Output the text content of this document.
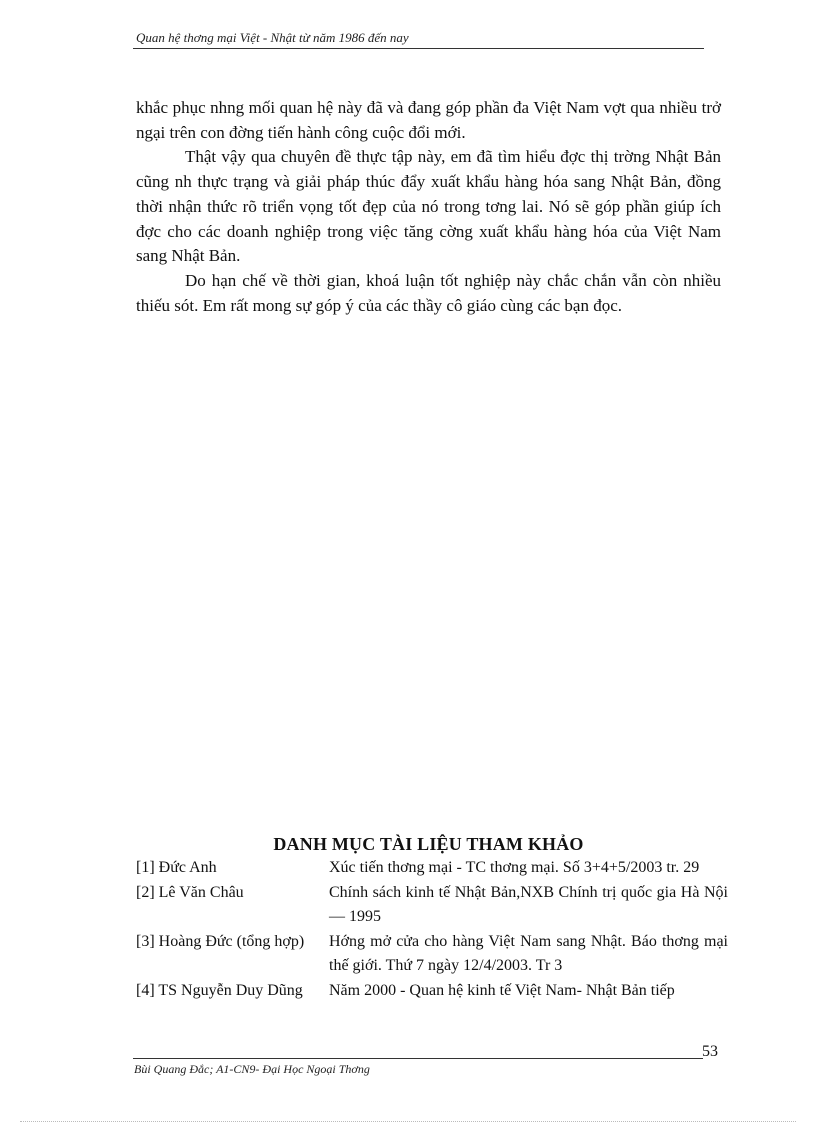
Quan hệ thơng mại Việt - Nhật từ năm 1986 đến nay

khắc phục nhng mối quan hệ này đã và đang góp phần đa Việt Nam vợt qua nhiều trở ngại trên con đờng tiến hành công cuộc đổi mới.

Thật vậy qua chuyên đề thực tập này, em đã tìm hiểu đợc thị trờng Nhật Bản cũng nh thực trạng và giải pháp thúc đẩy xuất khẩu hàng hóa sang Nhật Bản, đồng thời nhận thức rõ triển vọng tốt đẹp của nó trong tơng lai. Nó sẽ góp phần giúp ích đợc cho các doanh nghiệp trong việc tăng cờng xuất khẩu hàng hóa của Việt Nam sang Nhật Bản.

Do hạn chế về thời gian, khoá luận tốt nghiệp này chắc chắn vẫn còn nhiều thiếu sót. Em rất mong sự góp ý của các thầy cô giáo cùng các bạn đọc.

DANH MỤC TÀI LIỆU THAM KHẢO
[1] Đức Anh	Xúc tiến thơng mại - TC thơng mại. Số 3+4+5/2003 tr. 29
[2] Lê Văn Châu	Chính sách kinh tế Nhật Bản,NXB Chính trị quốc gia Hà Nội — 1995
[3] Hoàng Đức (tổng hợp)	Hớng mở cửa cho hàng Việt Nam sang Nhật. Báo thơng mại thế giới. Thứ 7 ngày 12/4/2003. Tr 3
[4] TS Nguyễn Duy Dũng	Năm 2000 - Quan hệ kinh tế Việt Nam- Nhật Bản tiếp
53
Bùi Quang Đắc; A1-CN9- Đại Học Ngoại Thơng
